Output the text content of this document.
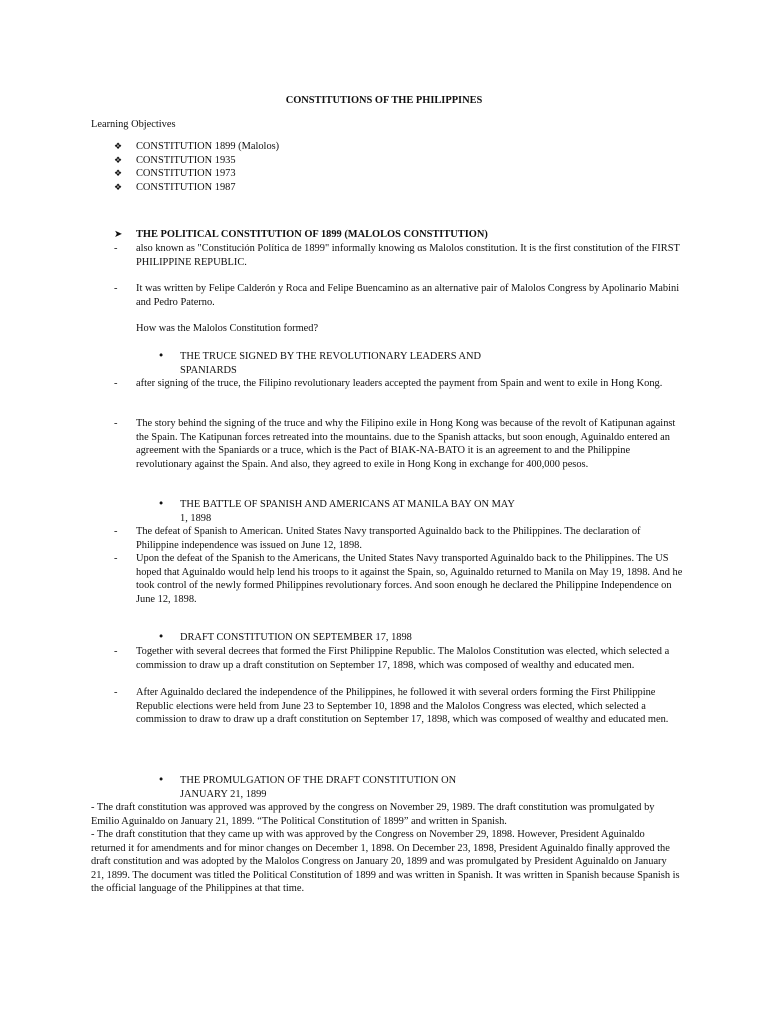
CONSTITUTIONS OF THE PHILIPPINES
Learning Objectives
❖ CONSTITUTION 1899 (Malolos)
❖ CONSTITUTION 1935
❖ CONSTITUTION 1973
❖ CONSTITUTION 1987
➤ THE POLITICAL CONSTITUTION OF 1899 (MALOLOS CONSTITUTION)
- also known as "Constitución Política de 1899" informally knowing αs Malolos constitution. It is the first constitution of the FIRST PHILIPPINE REPUBLIC.
- It was written by Felipe Calderón y Roca and Felipe Buencamino as an alternative pair of Malolos Congress by Apolinario Mabini and Pedro Paterno.
How was the Malolos Constitution formed?
• THE TRUCE SIGNED BY THE REVOLUTIONARY LEADERS AND SPANIARDS
- after signing of the truce, the Filipino revolutionary leaders accepted the payment from Spain and went to exile in Hong Kong.
- The story behind the signing of the truce and why the Filipino exile in Hong Kong was because of the revolt of Katipunan against the Spain. The Katipunan forces retreated into the mountains. due to the Spanish attacks, but soon enough, Aguinaldo entered an agreement with the Spaniards or a truce, which is the Pact of BIAK-NA-BATO it is an agreement to and the Philippine revolutionary against the Spain. And also, they agreed to exile in Hong Kong in exchange for 400,000 pesos.
• THE BATTLE OF SPANISH AND AMERICANS AT MANILA BAY ON MAY 1, 1898
- The defeat of Spanish to American. United States Navy transported Aguinaldo back to the Philippines. The declaration of Philippine independence was issued on June 12, 1898.
- Upon the defeat of the Spanish to the Americans, the United States Navy transported Aguinaldo back to the Philippines. The US hoped that Aguinaldo would help lend his troops to it against the Spain, so, Aguinaldo returned to Manila on May 19, 1898. And he took control of the newly formed Philippines revolutionary forces. And soon enough he declared the Philippine Independence on June 12, 1898.
• DRAFT CONSTITUTION ON SEPTEMBER 17, 1898
- Together with several decrees that formed the First Philippine Republic. The Malolos Constitution was elected, which selected a commission to draw up a draft constitution on September 17, 1898, which was composed of wealthy and educated men.
- After Aguinaldo declared the independence of the Philippines, he followed it with several orders forming the First Philippine Republic elections were held from June 23 to September 10, 1898 and the Malolos Congress was elected, which selected a commission to draw to draw up a draft constitution on September 17, 1898, which was composed of wealthy and educated men.
• THE PROMULGATION OF THE DRAFT CONSTITUTION ON JANUARY 21, 1899
- The draft constitution was approved was approved by the congress on November 29, 1989. The draft constitution was promulgated by Emilio Aguinaldo on January 21, 1899. “The Political Constitution of 1899” and written in Spanish.
- The draft constitution that they came up with was approved by the Congress on November 29, 1898. However, President Aguinaldo returned it for amendments and for minor changes on December 1, 1898. On December 23, 1898, President Aguinaldo finally approved the draft constitution and was adopted by the Malolos Congress on January 20, 1899 and was promulgated by President Aguinaldo on January 21, 1899. The document was titled the Political Constitution of 1899 and was written in Spanish. It was written in Spanish because Spanish is the official language of the Philippines at that time.
